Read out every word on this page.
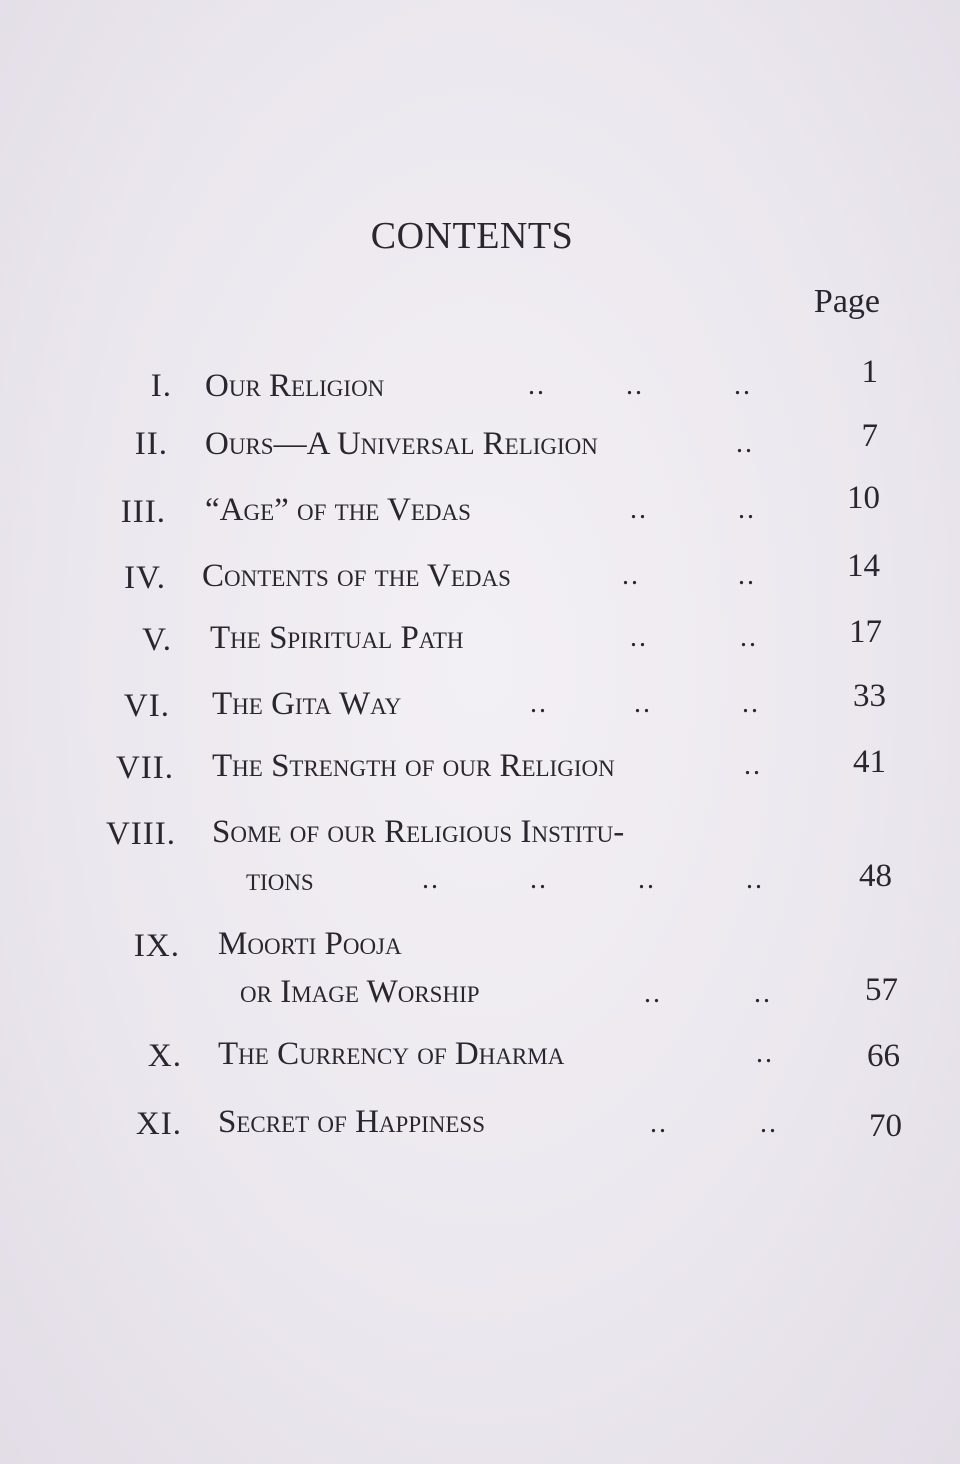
CONTENTS
Page
I. Our Religion	..	..	..	1
II. Ours—A Universal Religion	..	7
III. “Age” of the Vedas	..	..	10
IV. Contents of the Vedas	..	..	14
V. The Spiritual Path	..	..	17
VI. The Gita Way	..	..	..	33
VII. The Strength of our Religion	..	41
VIII. Some of our Religious Institu-
tions	..	..	..	..	48
IX. Moorti Pooja
or Image Worship	..	..	57
X. The Currency of Dharma	..	66
XI. Secret of Happiness	..	..	70
